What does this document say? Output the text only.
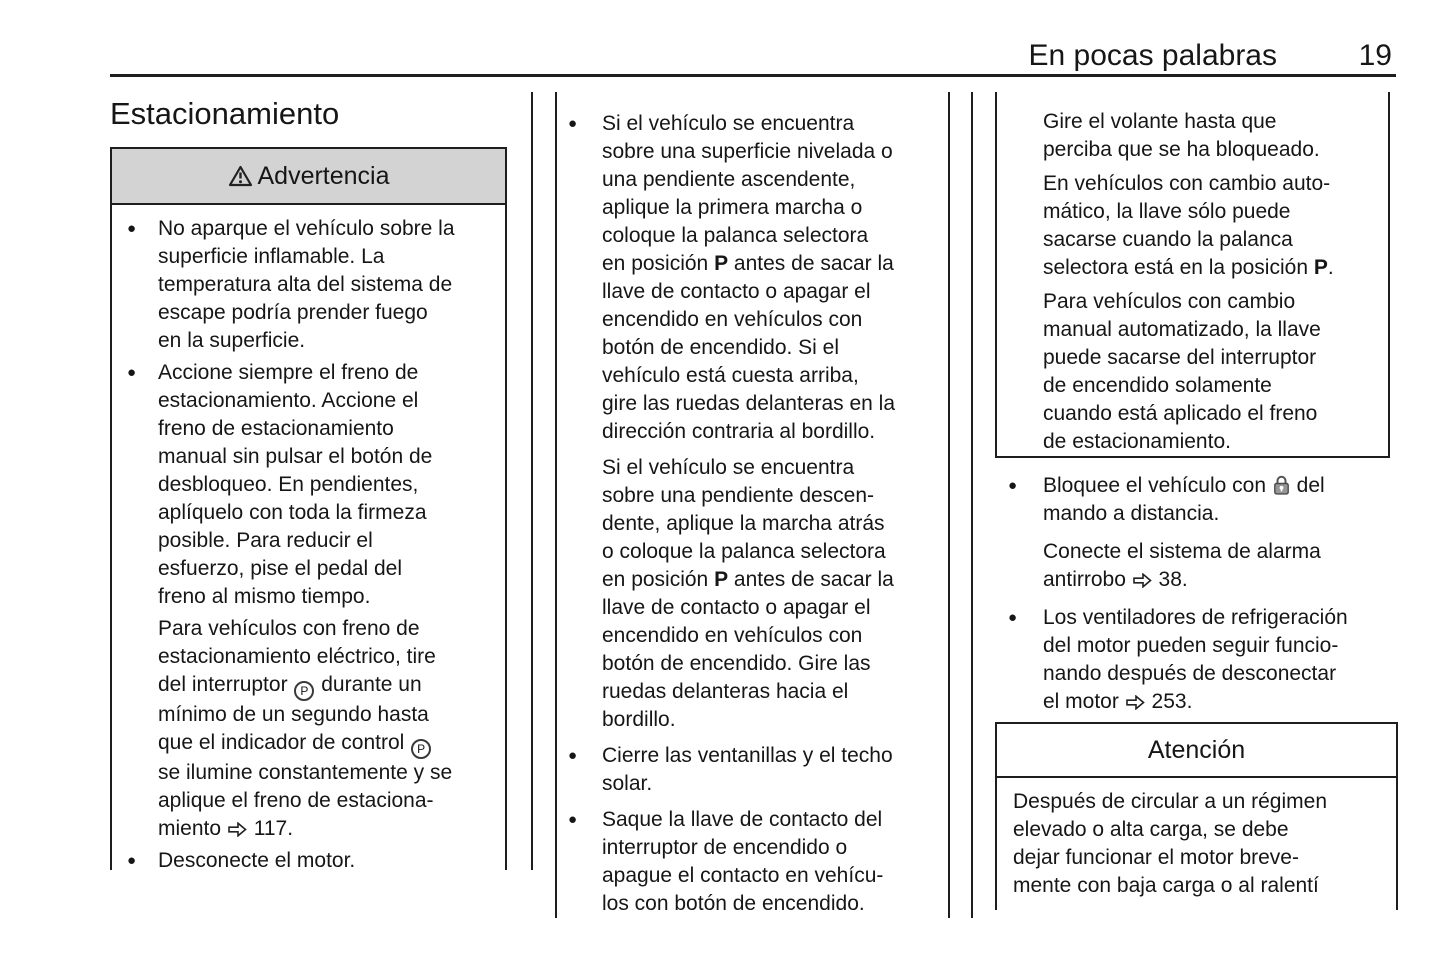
En pocas palabras	19
Estacionamiento
Advertencia
●	No aparque el vehículo sobre la
superficie inflamable. La
temperatura alta del sistema de
escape podría prender fuego
en la superficie.
●	Accione siempre el freno de
estacionamiento. Accione el
freno de estacionamiento
manual sin pulsar el botón de
desbloqueo. En pendientes,
aplíquelo con toda la firmeza
posible. Para reducir el
esfuerzo, pise el pedal del
freno al mismo tiempo.
Para vehículos con freno de
estacionamiento eléctrico, tire
del interruptor P durante un
mínimo de un segundo hasta
que el indicador de control P
se ilumine constantemente y se
aplique el freno de estaciona-
miento
117.
●	Desconecte el motor.
●	Si el vehículo se encuentra
sobre una superficie nivelada o
una pendiente ascendente,
aplique la primera marcha o
coloque la palanca selectora
en posición P antes de sacar la
llave de contacto o apagar el
encendido en vehículos con
botón de encendido. Si el
vehículo está cuesta arriba,
gire las ruedas delanteras en la
dirección contraria al bordillo.
Si el vehículo se encuentra
sobre una pendiente descen-
dente, aplique la marcha atrás
o coloque la palanca selectora
en posición P antes de sacar la
llave de contacto o apagar el
encendido en vehículos con
botón de encendido. Gire las
ruedas delanteras hacia el
bordillo.
●	Cierre las ventanillas y el techo
solar.
●	Saque la llave de contacto del
interruptor de encendido o
apague el contacto en vehícu-
los con botón de encendido.
Gire el volante hasta que
perciba que se ha bloqueado.
En vehículos con cambio auto-
mático, la llave sólo puede
sacarse cuando la palanca
selectora está en la posición P.
Para vehículos con cambio
manual automatizado, la llave
puede sacarse del interruptor
de encendido solamente
cuando está aplicado el freno
de estacionamiento.
●	Bloquee el vehículo con
del
mando a distancia.
Conecte el sistema de alarma
antirrobo
38.
●	Los ventiladores de refrigeración
del motor pueden seguir funcio-
nando después de desconectar
el motor
253.
Atención
Después de circular a un régimen
elevado o alta carga, se debe
dejar funcionar el motor breve-
mente con baja carga o al ralentí
